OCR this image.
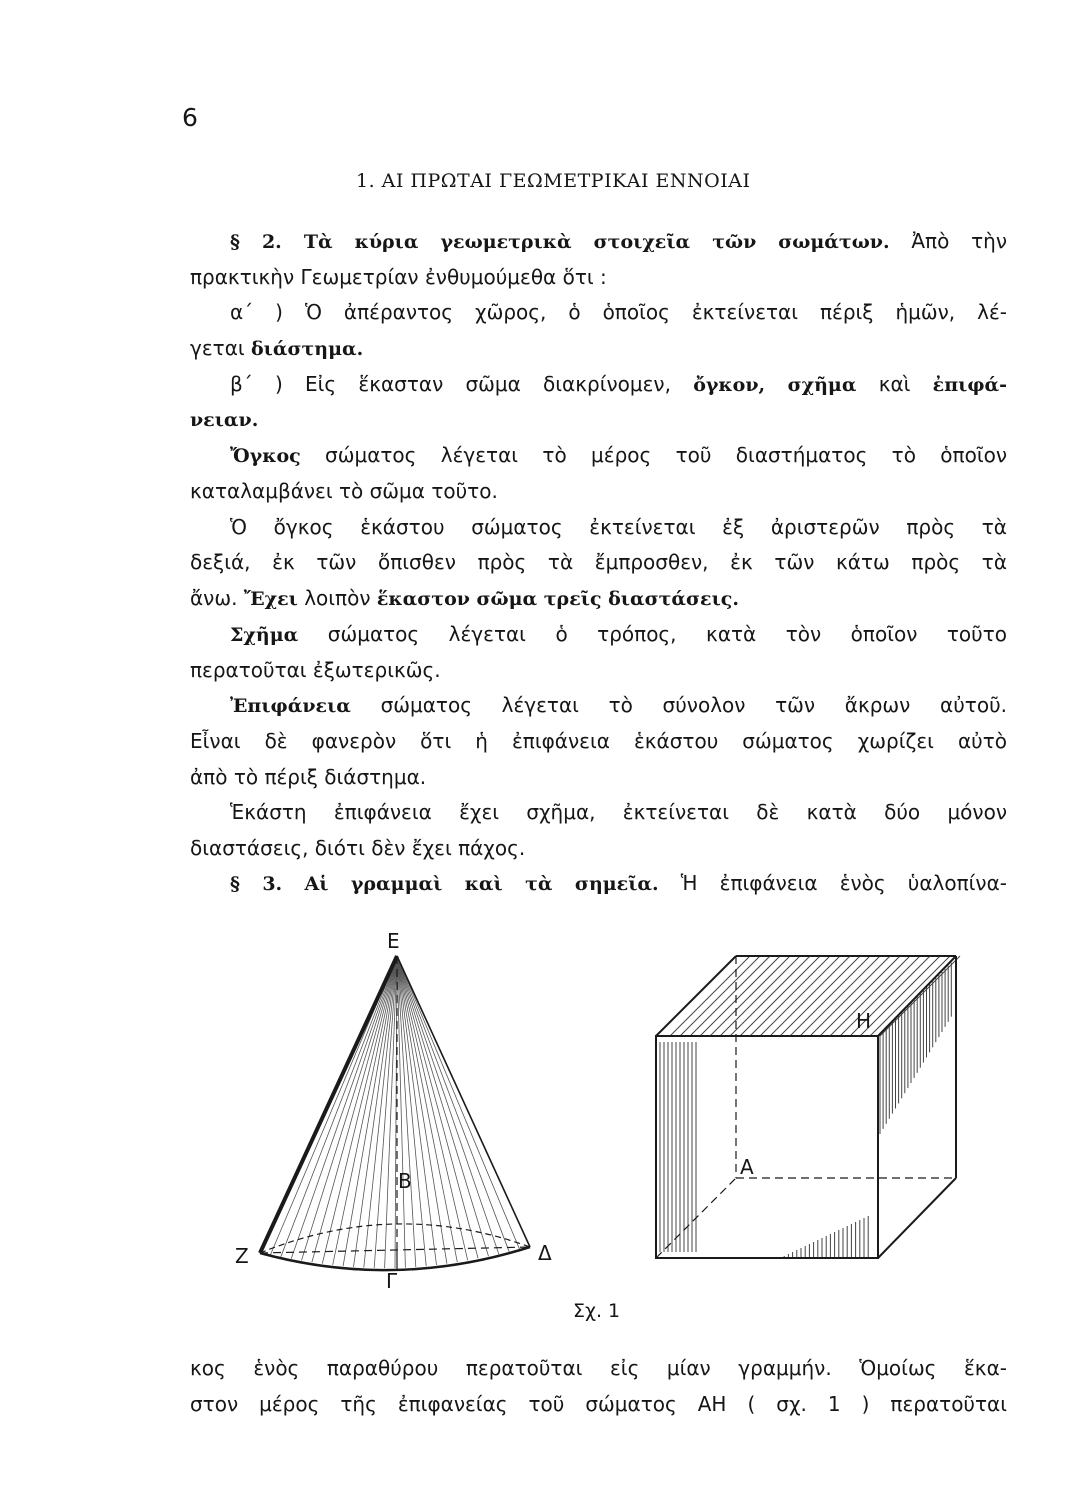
6
1. ΑΙ ΠΡΩΤΑΙ ΓΕΩΜΕΤΡΙΚΑΙ ΕΝΝΟΙΑΙ

§ 2. Τὰ κύρια γεωμετρικὰ στοιχεῖα τῶν σωμάτων. Ἀπὸ τὴν

πρακτικὴν Γεωμετρίαν ἐνθυμούμεθα ὅτι :

α΄ ) Ὁ ἀπέραντος χῶρος, ὁ ὁποῖος ἐκτείνεται πέριξ ἡμῶν, λέ-

γεται διάστημα.

β΄ ) Εἰς ἕκασταν σῶμα διακρίνομεν, ὄγκον, σχῆμα καὶ ἐπιφά-

νειαν.

Ὄγκος σώματος λέγεται τὸ μέρος τοῦ διαστήματος τὸ ὁποῖον

καταλαμβάνει τὸ σῶμα τοῦτο.

Ὁ ὄγκος ἑκάστου σώματος ἐκτείνεται ἐξ ἀριστερῶν πρὸς τὰ

δεξιά, ἐκ τῶν ὄπισθεν πρὸς τὰ ἔμπροσθεν, ἐκ τῶν κάτω πρὸς τὰ

ἄνω. Ἔχει λοιπὸν ἕκαστον σῶμα τρεῖς διαστάσεις.

Σχῆμα σώματος λέγεται ὁ τρόπος, κατὰ τὸν ὁποῖον τοῦτο

περατοῦται ἐξωτερικῶς.

Ἐπιφάνεια σώματος λέγεται τὸ σύνολον τῶν ἄκρων αὐτοῦ.

Εἶναι δὲ φανερὸν ὅτι ἡ ἐπιφάνεια ἑκάστου σώματος χωρίζει αὐτὸ

ἀπὸ τὸ πέριξ διάστημα.

Ἑκάστη ἐπιφάνεια ἔχει σχῆμα, ἐκτείνεται δὲ κατὰ δύο μόνον

διαστάσεις, διότι δὲν ἔχει πάχος.

§ 3. Αἱ γραμμαὶ καὶ τὰ σημεῖα. Ἡ ἐπιφάνεια ἑνὸς ὑαλοπίνα-

Ε
Β
Ζ	Δ
Γ
Η
Α
Σχ. 1

κος ἑνὸς παραθύρου περατοῦται εἰς μίαν γραμμήν. Ὁμοίως ἕκα-

στον μέρος τῆς ἐπιφανείας τοῦ σώματος ΑΗ ( σχ. 1 ) περατοῦται
